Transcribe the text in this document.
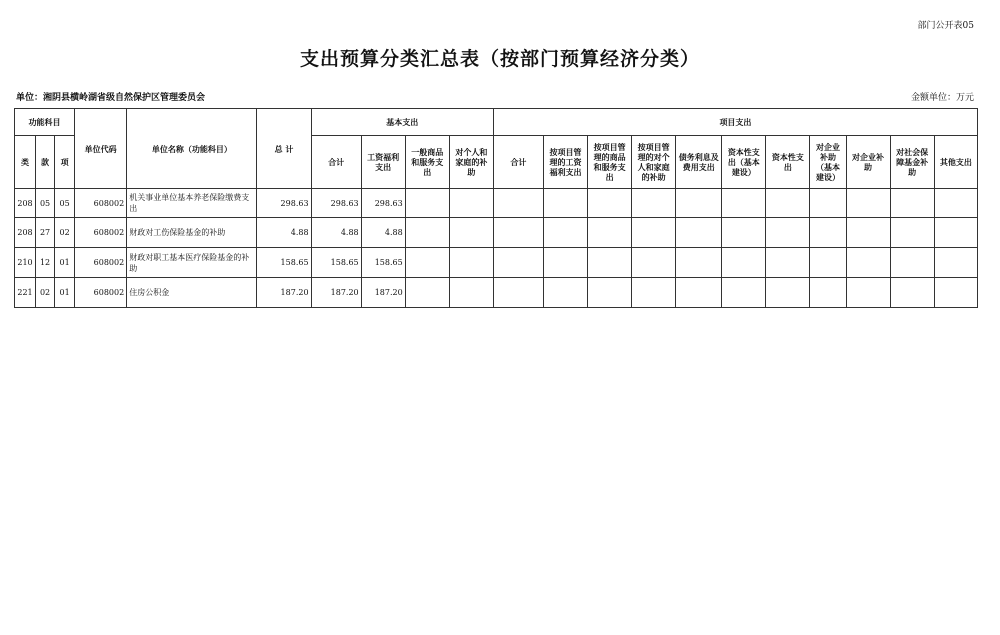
部门公开表05
支出预算分类汇总表（按部门预算经济分类）
单位：湘阴县横岭湖省级自然保护区管理委员会	金额单位：万元
功能科目			单位代码	单位名称（功能科目）	总 计	基本支出				项目支出										
类	款	项				合计	工资福利支出	一般商品和服务支出	对个人和家庭的补助	合计	按项目管理的工资福利支出	按项目管理的商品和服务支出	按项目管理的对个人和家庭的补助	债务利息及费用支出	资本性支出（基本建设）	资本性支出	对企业补助（基本建设）	对企业补助	对社会保障基金补助	其他支出
208	05	05	608002	机关事业单位基本养老保险缴费支出	298.63	298.63	298.63													
208	27	02	608002	财政对工伤保险基金的补助	4.88	4.88	4.88													
210	12	01	608002	财政对职工基本医疗保险基金的补助	158.65	158.65	158.65													
221	02	01	608002	住房公积金	187.20	187.20	187.20													
